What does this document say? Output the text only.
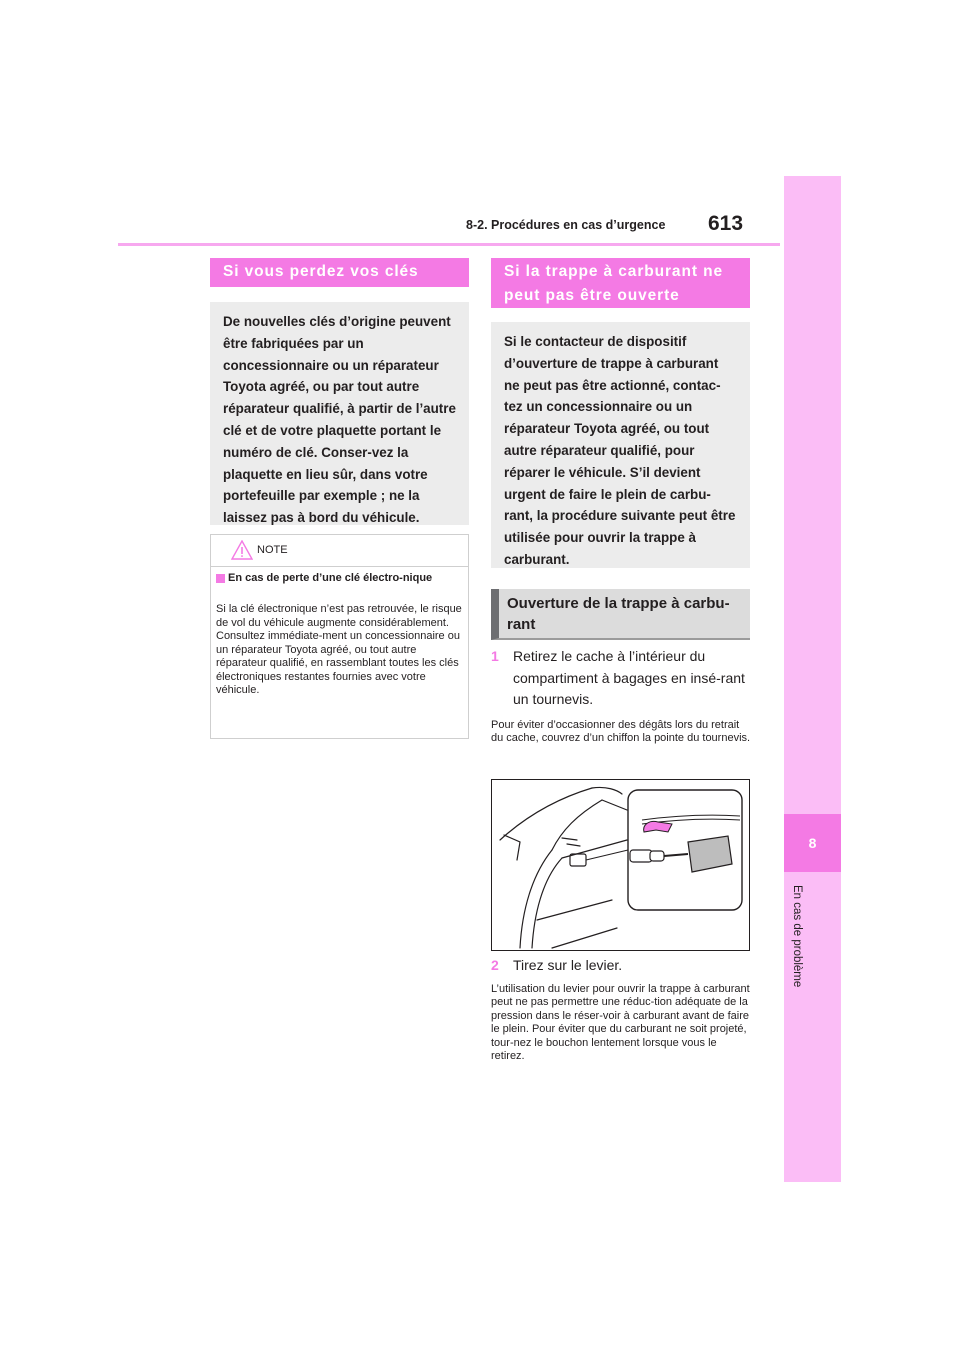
8-2. Procédures en cas d’urgence 613
8
En cas de problème
Si vous perdez vos clés
De nouvelles clés d’origine peuvent être fabriquées par un concessionnaire ou un réparateur Toyota agréé, ou par tout autre réparateur qualifié, à partir de l’autre clé et de votre plaquette portant le numéro de clé. Conser-vez la plaquette en lieu sûr, dans votre portefeuille par exemple ; ne la laissez pas à bord du véhicule.
NOTE
En cas de perte d’une clé électro-nique
Si la clé électronique n’est pas retrouvée, le risque de vol du véhicule augmente considérablement. Consultez immédiate-ment un concessionnaire ou un réparateur Toyota agréé, ou tout autre réparateur qualifié, en rassemblant toutes les clés électroniques restantes fournies avec votre véhicule.
Si la trappe à carburant ne peut pas être ouverte
Si le contacteur de dispositif d’ouverture de trappe à carburant ne peut pas être actionné, contac-tez un concessionnaire ou un réparateur Toyota agréé, ou tout autre réparateur qualifié, pour réparer le véhicule. S’il devient urgent de faire le plein de carbu-rant, la procédure suivante peut être utilisée pour ouvrir la trappe à carburant.
Ouverture de la trappe à carbu-rant
1 Retirez le cache à l’intérieur du compartiment à bagages en insé-rant un tournevis.
Pour éviter d’occasionner des dégâts lors du retrait du cache, couvrez d’un chiffon la pointe du tournevis.
2 Tirez sur le levier.
L’utilisation du levier pour ouvrir la trappe à carburant peut ne pas permettre une réduc-tion adéquate de la pression dans le réser-voir à carburant avant de faire le plein. Pour éviter que du carburant ne soit projeté, tour-nez le bouchon lentement lorsque vous le retirez.
